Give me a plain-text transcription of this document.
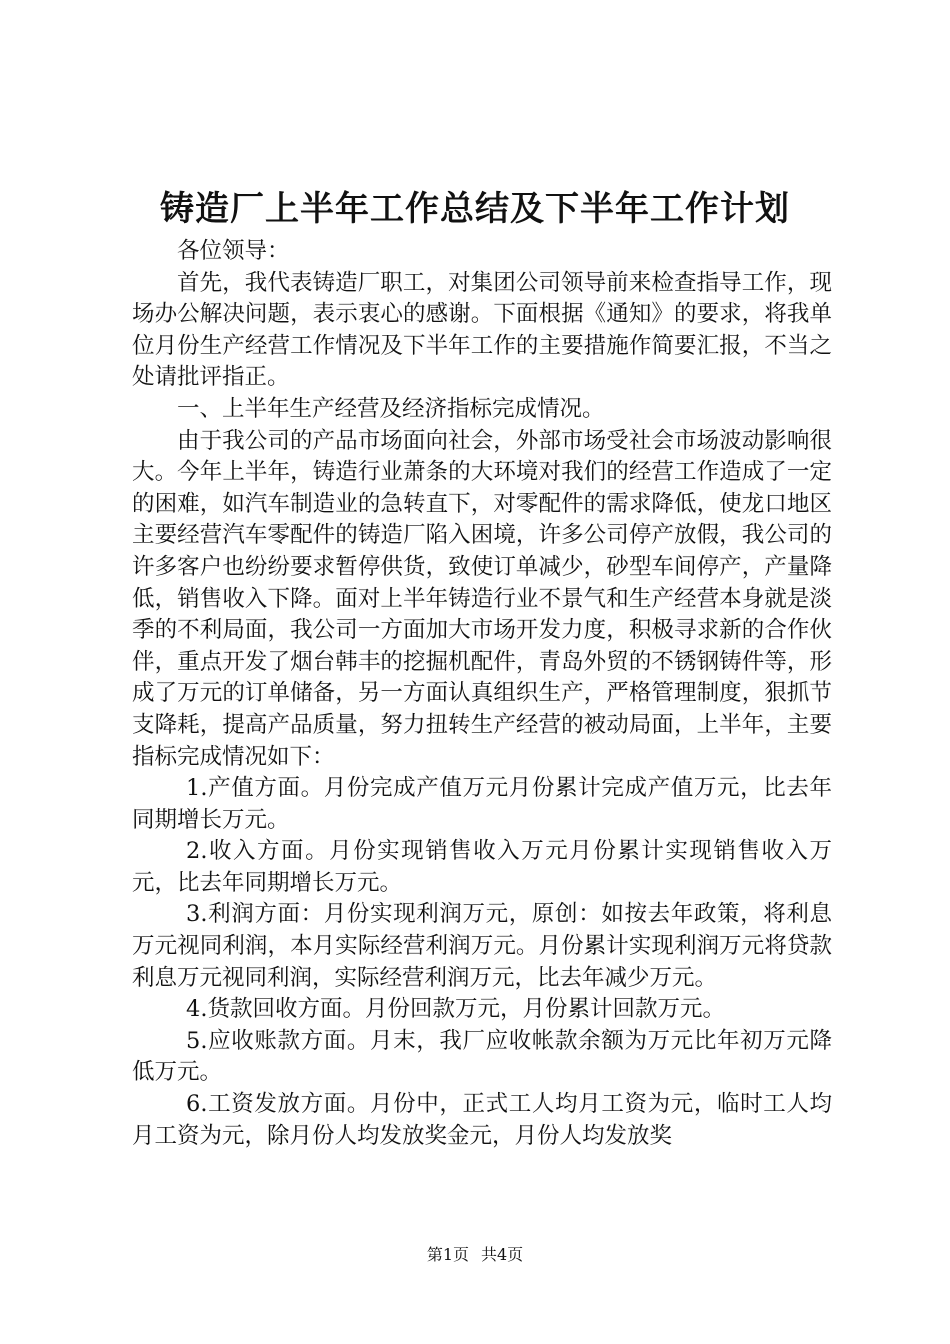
铸造厂上半年工作总结及下半年工作计划

各位领导：

首先，我代表铸造厂职工，对集团公司领导前来检查指导工作，现场办公解决问题，表示衷心的感谢。下面根据《通知》的要求，将我单位月份生产经营工作情况及下半年工作的主要措施作简要汇报，不当之处请批评指正。

一、上半年生产经营及经济指标完成情况。

由于我公司的产品市场面向社会，外部市场受社会市场波动影响很大。今年上半年，铸造行业萧条的大环境对我们的经营工作造成了一定的困难，如汽车制造业的急转直下，对零配件的需求降低，使龙口地区主要经营汽车零配件的铸造厂陷入困境，许多公司停产放假，我公司的许多客户也纷纷要求暂停供货，致使订单减少，砂型车间停产，产量降低，销售收入下降。面对上半年铸造行业不景气和生产经营本身就是淡季的不利局面，我公司一方面加大市场开发力度，积极寻求新的合作伙伴，重点开发了烟台韩丰的挖掘机配件，青岛外贸的不锈钢铸件等，形成了万元的订单储备，另一方面认真组织生产，严格管理制度，狠抓节支降耗，提高产品质量，努力扭转生产经营的被动局面，上半年，主要指标完成情况如下：

1.产值方面。月份完成产值万元月份累计完成产值万元，比去年同期增长万元。

2.收入方面。月份实现销售收入万元月份累计实现销售收入万元，比去年同期增长万元。

3.利润方面：月份实现利润万元，原创：如按去年政策，将利息万元视同利润，本月实际经营利润万元。月份累计实现利润万元将贷款利息万元视同利润，实际经营利润万元，比去年减少万元。

4.货款回收方面。月份回款万元，月份累计回款万元。

5.应收账款方面。月末，我厂应收帐款余额为万元比年初万元降低万元。

6.工资发放方面。月份中，正式工人均月工资为元，临时工人均月工资为元，除月份人均发放奖金元，月份人均发放奖

第1页 共4页
